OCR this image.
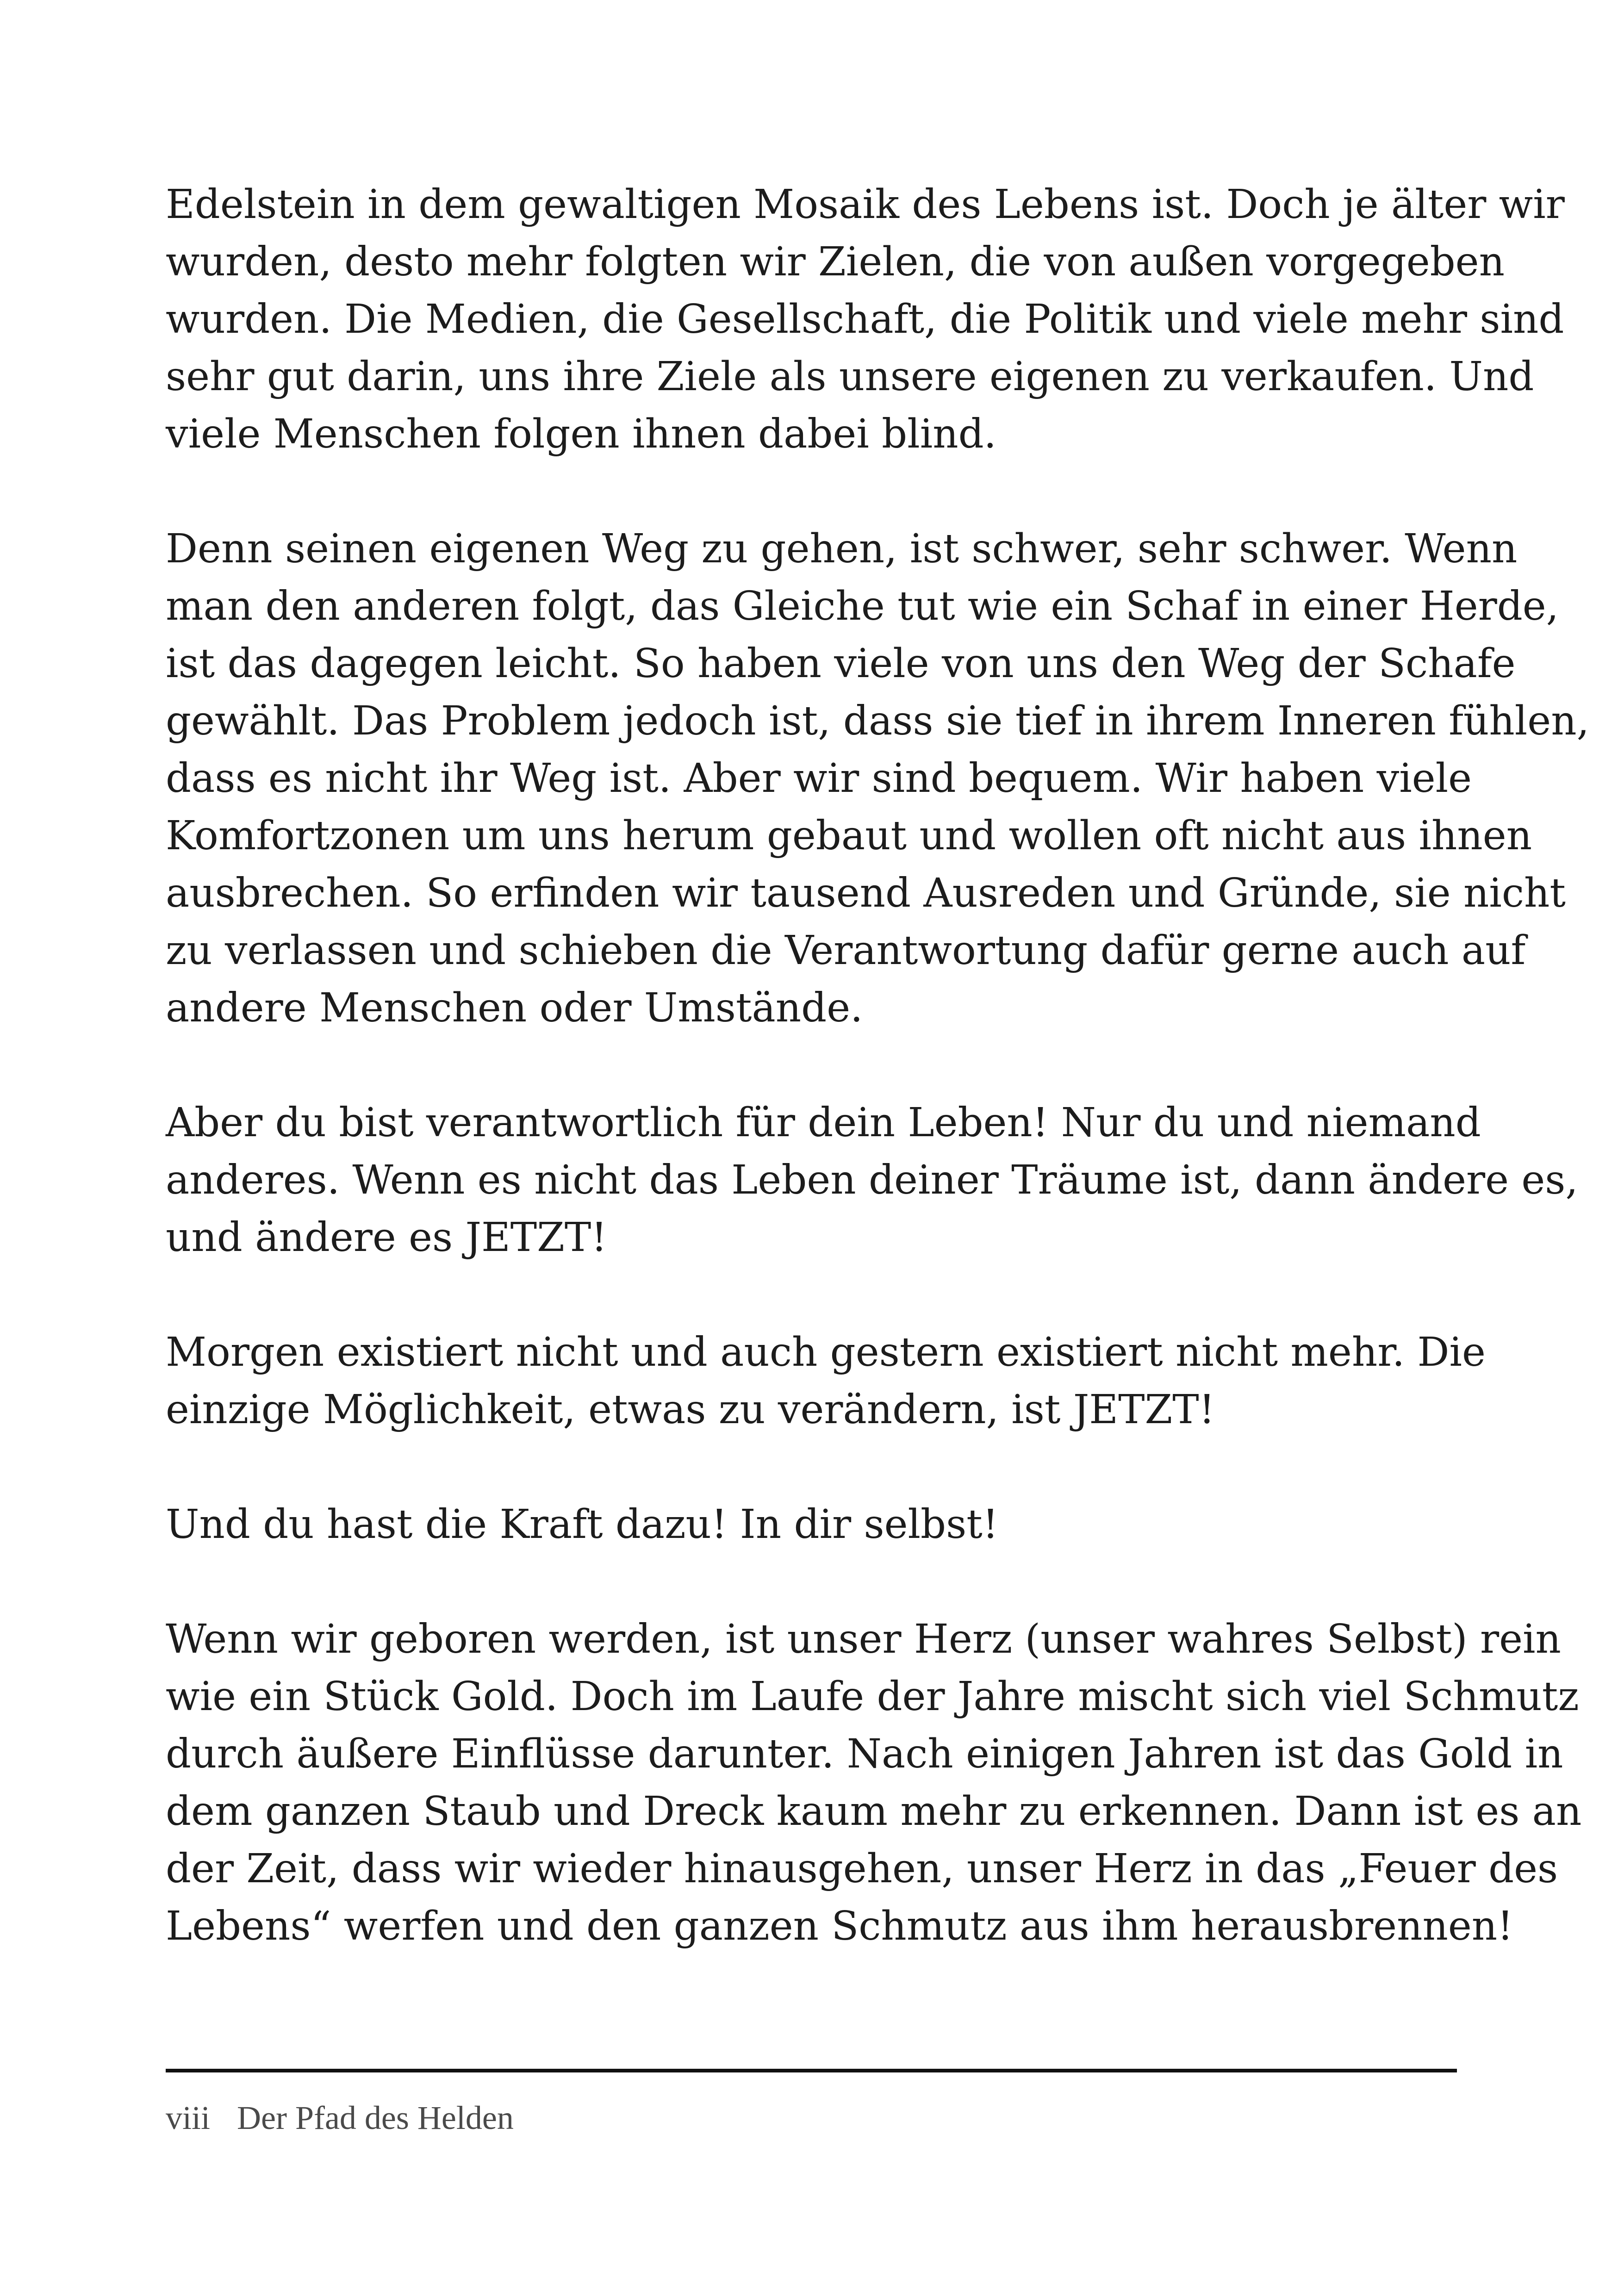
Edelstein in dem gewaltigen Mosaik des Lebens ist. Doch je älter wir
wurden, desto mehr folgten wir Zielen, die von außen vorgegeben
wurden. Die Medien, die Gesellschaft, die Politik und viele mehr sind
sehr gut darin, uns ihre Ziele als unsere eigenen zu verkaufen. Und
viele Menschen folgen ihnen dabei blind.

Denn seinen eigenen Weg zu gehen, ist schwer, sehr schwer. Wenn
man den anderen folgt, das Gleiche tut wie ein Schaf in einer Herde,
ist das dagegen leicht. So haben viele von uns den Weg der Schafe
gewählt. Das Problem jedoch ist, dass sie tief in ihrem Inneren fühlen,
dass es nicht ihr Weg ist. Aber wir sind bequem. Wir haben viele
Komfortzonen um uns herum gebaut und wollen oft nicht aus ihnen
ausbrechen. So erfinden wir tausend Ausreden und Gründe, sie nicht
zu verlassen und schieben die Verantwortung dafür gerne auch auf
andere Menschen oder Umstände.

Aber du bist verantwortlich für dein Leben! Nur du und niemand
anderes. Wenn es nicht das Leben deiner Träume ist, dann ändere es,
und ändere es JETZT!

Morgen existiert nicht und auch gestern existiert nicht mehr. Die
einzige Möglichkeit, etwas zu verändern, ist JETZT!

Und du hast die Kraft dazu! In dir selbst!

Wenn wir geboren werden, ist unser Herz (unser wahres Selbst) rein
wie ein Stück Gold. Doch im Laufe der Jahre mischt sich viel Schmutz
durch äußere Einflüsse darunter. Nach einigen Jahren ist das Gold in
dem ganzen Staub und Dreck kaum mehr zu erkennen. Dann ist es an
der Zeit, dass wir wieder hinausgehen, unser Herz in das „Feuer des
Lebens“ werfen und den ganzen Schmutz aus ihm herausbrennen!

viii Der Pfad des Helden
